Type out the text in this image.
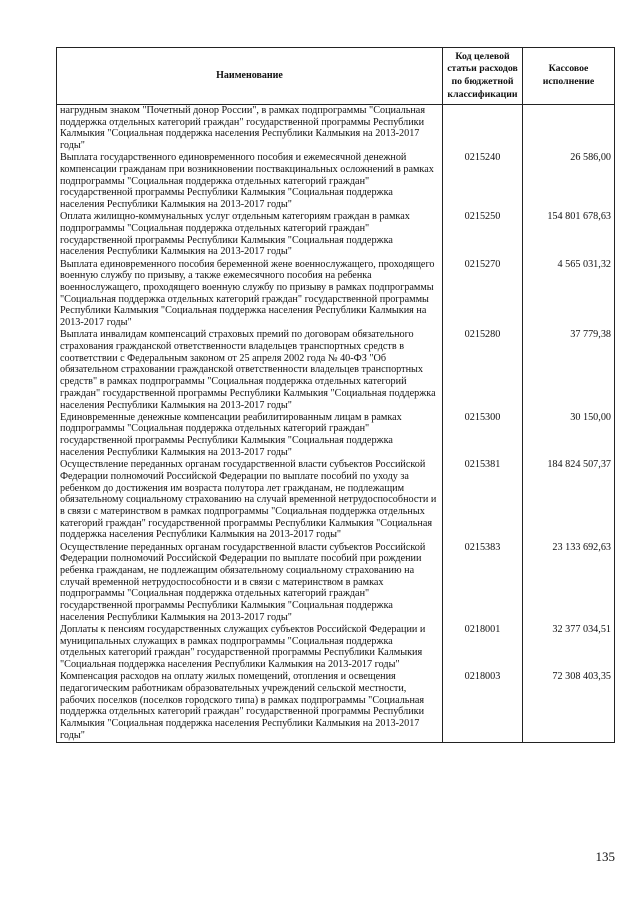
Наименование	Код целевой статьи расходов по бюджетной классификации	Кассовое исполнение
нагрудным знаком "Почетный донор России", в рамках подпрограммы "Социальная поддержка отдельных категорий граждан" государственной программы Республики Калмыкия "Социальная поддержка населения Республики Калмыкия на 2013-2017 годы"		
Выплата государственного единовременного пособия и ежемесячной денежной компенсации гражданам при возникновении поствакцинальных осложнений в рамках подпрограммы "Социальная поддержка отдельных категорий граждан" государственной программы Республики Калмыкия "Социальная поддержка населения Республики Калмыкия на 2013-2017 годы"	0215240	26 586,00
Оплата жилищно-коммунальных услуг отдельным категориям граждан в рамках подпрограммы "Социальная поддержка отдельных категорий граждан" государственной программы Республики Калмыкия "Социальная поддержка населения Республики Калмыкия на 2013-2017 годы"	0215250	154 801 678,63
Выплата единовременного пособия беременной жене военнослужащего, проходящего военную службу по призыву, а также ежемесячного пособия на ребенка военнослужащего, проходящего военную службу по призыву в рамках подпрограммы "Социальная поддержка отдельных категорий граждан" государственной программы Республики Калмыкия "Социальная поддержка населения Республики Калмыкия на 2013-2017 годы"	0215270	4 565 031,32
Выплата инвалидам компенсаций страховых премий по договорам обязательного страхования гражданской ответственности владельцев транспортных средств в соответствии с Федеральным законом от 25 апреля 2002 года № 40-ФЗ "Об обязательном страховании гражданской ответственности владельцев транспортных средств" в рамках подпрограммы "Социальная поддержка отдельных категорий граждан" государственной программы Республики Калмыкия "Социальная поддержка населения Республики Калмыкия на 2013-2017 годы"	0215280	37 779,38
Единовременные денежные компенсации реабилитированным лицам в рамках подпрограммы "Социальная поддержка отдельных категорий граждан" государственной программы Республики Калмыкия "Социальная поддержка населения Республики Калмыкия на 2013-2017 годы"	0215300	30 150,00
Осуществление переданных органам государственной власти субъектов Российской Федерации полномочий Российской Федерации по выплате пособий по уходу за ребенком до достижения им возраста полутора лет гражданам, не подлежащим обязательному социальному страхованию на случай временной нетрудоспособности и в связи с материнством в рамках подпрограммы "Социальная поддержка отдельных категорий граждан" государственной программы Республики Калмыкия "Социальная поддержка населения Республики Калмыкия на 2013-2017 годы"	0215381	184 824 507,37
Осуществление переданных органам государственной власти субъектов Российской Федерации полномочий Российской Федерации по выплате пособий при рождении ребенка гражданам, не подлежащим обязательному социальному страхованию на случай временной нетрудоспособности и в связи с материнством в рамках подпрограммы "Социальная поддержка отдельных категорий граждан" государственной программы Республики Калмыкия "Социальная поддержка населения Республики Калмыкия на 2013-2017 годы"	0215383	23 133 692,63
Доплаты к пенсиям государственных служащих субъектов Российской Федерации и муниципальных служащих в рамках подпрограммы "Социальная поддержка отдельных категорий граждан" государственной программы Республики Калмыкия "Социальная поддержка населения Республики Калмыкия на 2013-2017 годы"	0218001	32 377 034,51
Компенсация расходов на оплату жилых помещений, отопления и освещения педагогическим работникам образовательных учреждений сельской местности, рабочих поселков (поселков городского типа) в рамках подпрограммы "Социальная поддержка отдельных категорий граждан" государственной программы Республики Калмыкия "Социальная поддержка населения Республики Калмыкия на 2013-2017 годы"	0218003	72 308 403,35
135
